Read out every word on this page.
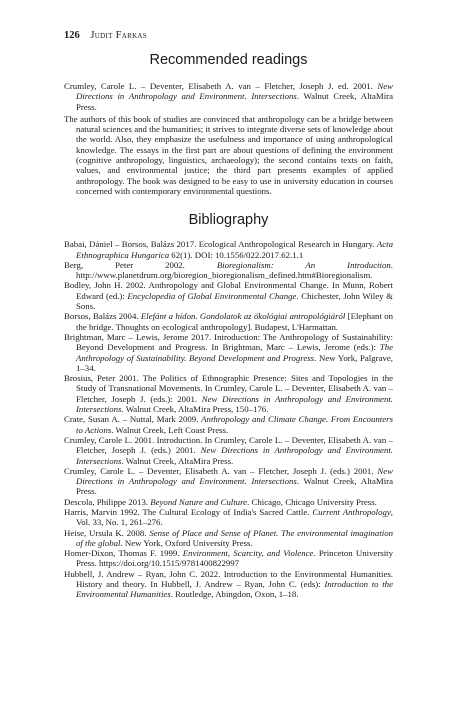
126 Judit Farkas
Recommended readings
Crumley, Carole L. – Deventer, Elisabeth A. van – Fletcher, Joseph J. ed. 2001. New Directions in Anthropology and Environment. Intersections. Walnut Creek, AltaMira Press.
The authors of this book of studies are convinced that anthropology can be a bridge between natural sciences and the humanities; it strives to integrate diverse sets of knowledge about the world. Also, they emphasize the usefulness and importance of using anthropological knowledge. The essays in the first part are about questions of defining the environment (cognitive anthropology, linguistics, archaeology); the second contains texts on faith, values, and environmental justice; the third part presents examples of applied anthropology. The book was designed to be easy to use in university education in courses concerned with contemporary environmental questions.
Bibliography
Babai, Dániel – Borsos, Balázs 2017. Ecological Anthropological Research in Hungary. Acta Ethnographica Hungarica 62(1). DOI: 10.1556/022.2017.62.1.1
Berg, Peter 2002. Bioregionalism: An Introduction. http://www.planetdrum.org/bioregion_bioregionalism_defined.htm#Bioregionalism.
Bodley, John H. 2002. Anthropology and Global Environmental Change. In Munn, Robert Edward (ed.): Encyclopedia of Global Environmental Change. Chichester, John Wiley & Sons.
Borsos, Balázs 2004. Elefánt a hídon. Gondolatok az ökológiai antropológiáról [Elephant on the bridge. Thoughts on ecological anthropology]. Budapest, L'Harmattan.
Brightman, Marc – Lewis, Jerome 2017. Introduction: The Anthropology of Sustainability: Beyond Development and Progress. In Brightman, Marc – Lewis, Jerome (eds.): The Anthropology of Sustainability. Beyond Development and Progress. New York, Palgrave, 1–34.
Brosius, Peter 2001. The Politics of Ethnographic Presence: Sites and Topologies in the Study of Transnational Movements. In Crumley, Carole L. – Deventer, Elisabeth A. van – Fletcher, Joseph J. (eds.): 2001. New Directions in Anthropology and Environment. Intersections. Walnut Creek, AltaMira Press, 150–176.
Crate, Susan A. – Nuttal, Mark 2009. Anthropology and Climate Change. From Encounters to Actions. Walnut Creek, Left Coast Press.
Crumley, Carole L. 2001. Introduction. In Crumley, Carole L. – Deventer, Elisabeth A. van – Fletcher, Joseph J. (eds.) 2001. New Directions in Anthropology and Environment. Intersections. Walnut Creek, AltaMira Press.
Crumley, Carole L. – Deventer, Elisabeth A. van – Fletcher, Joseph J. (eds.) 2001. New Directions in Anthropology and Environment. Intersections. Walnut Creek, AltaMira Press.
Descola, Philippe 2013. Beyond Nature and Culture. Chicago, Chicago University Press.
Harris, Marvin 1992. The Cultural Ecology of India's Sacred Cattle. Current Anthropology, Vol. 33, No. 1, 261–276.
Heise, Ursula K. 2008. Sense of Place and Sense of Planet. The environmental imagination of the global. New York, Oxford University Press.
Homer-Dixon, Thomas F. 1999. Environment, Scarcity, and Violence. Princeton University Press. https://doi.org/10.1515/9781400822997
Hubbell, J. Andrew – Ryan, John C. 2022. Introduction to the Environmental Humanities. History and theory. In Hubbell, J. Andrew – Ryan, John C. (eds): Introduction to the Environmental Humanities. Routledge, Abingdon, Oxon, 1–18.
